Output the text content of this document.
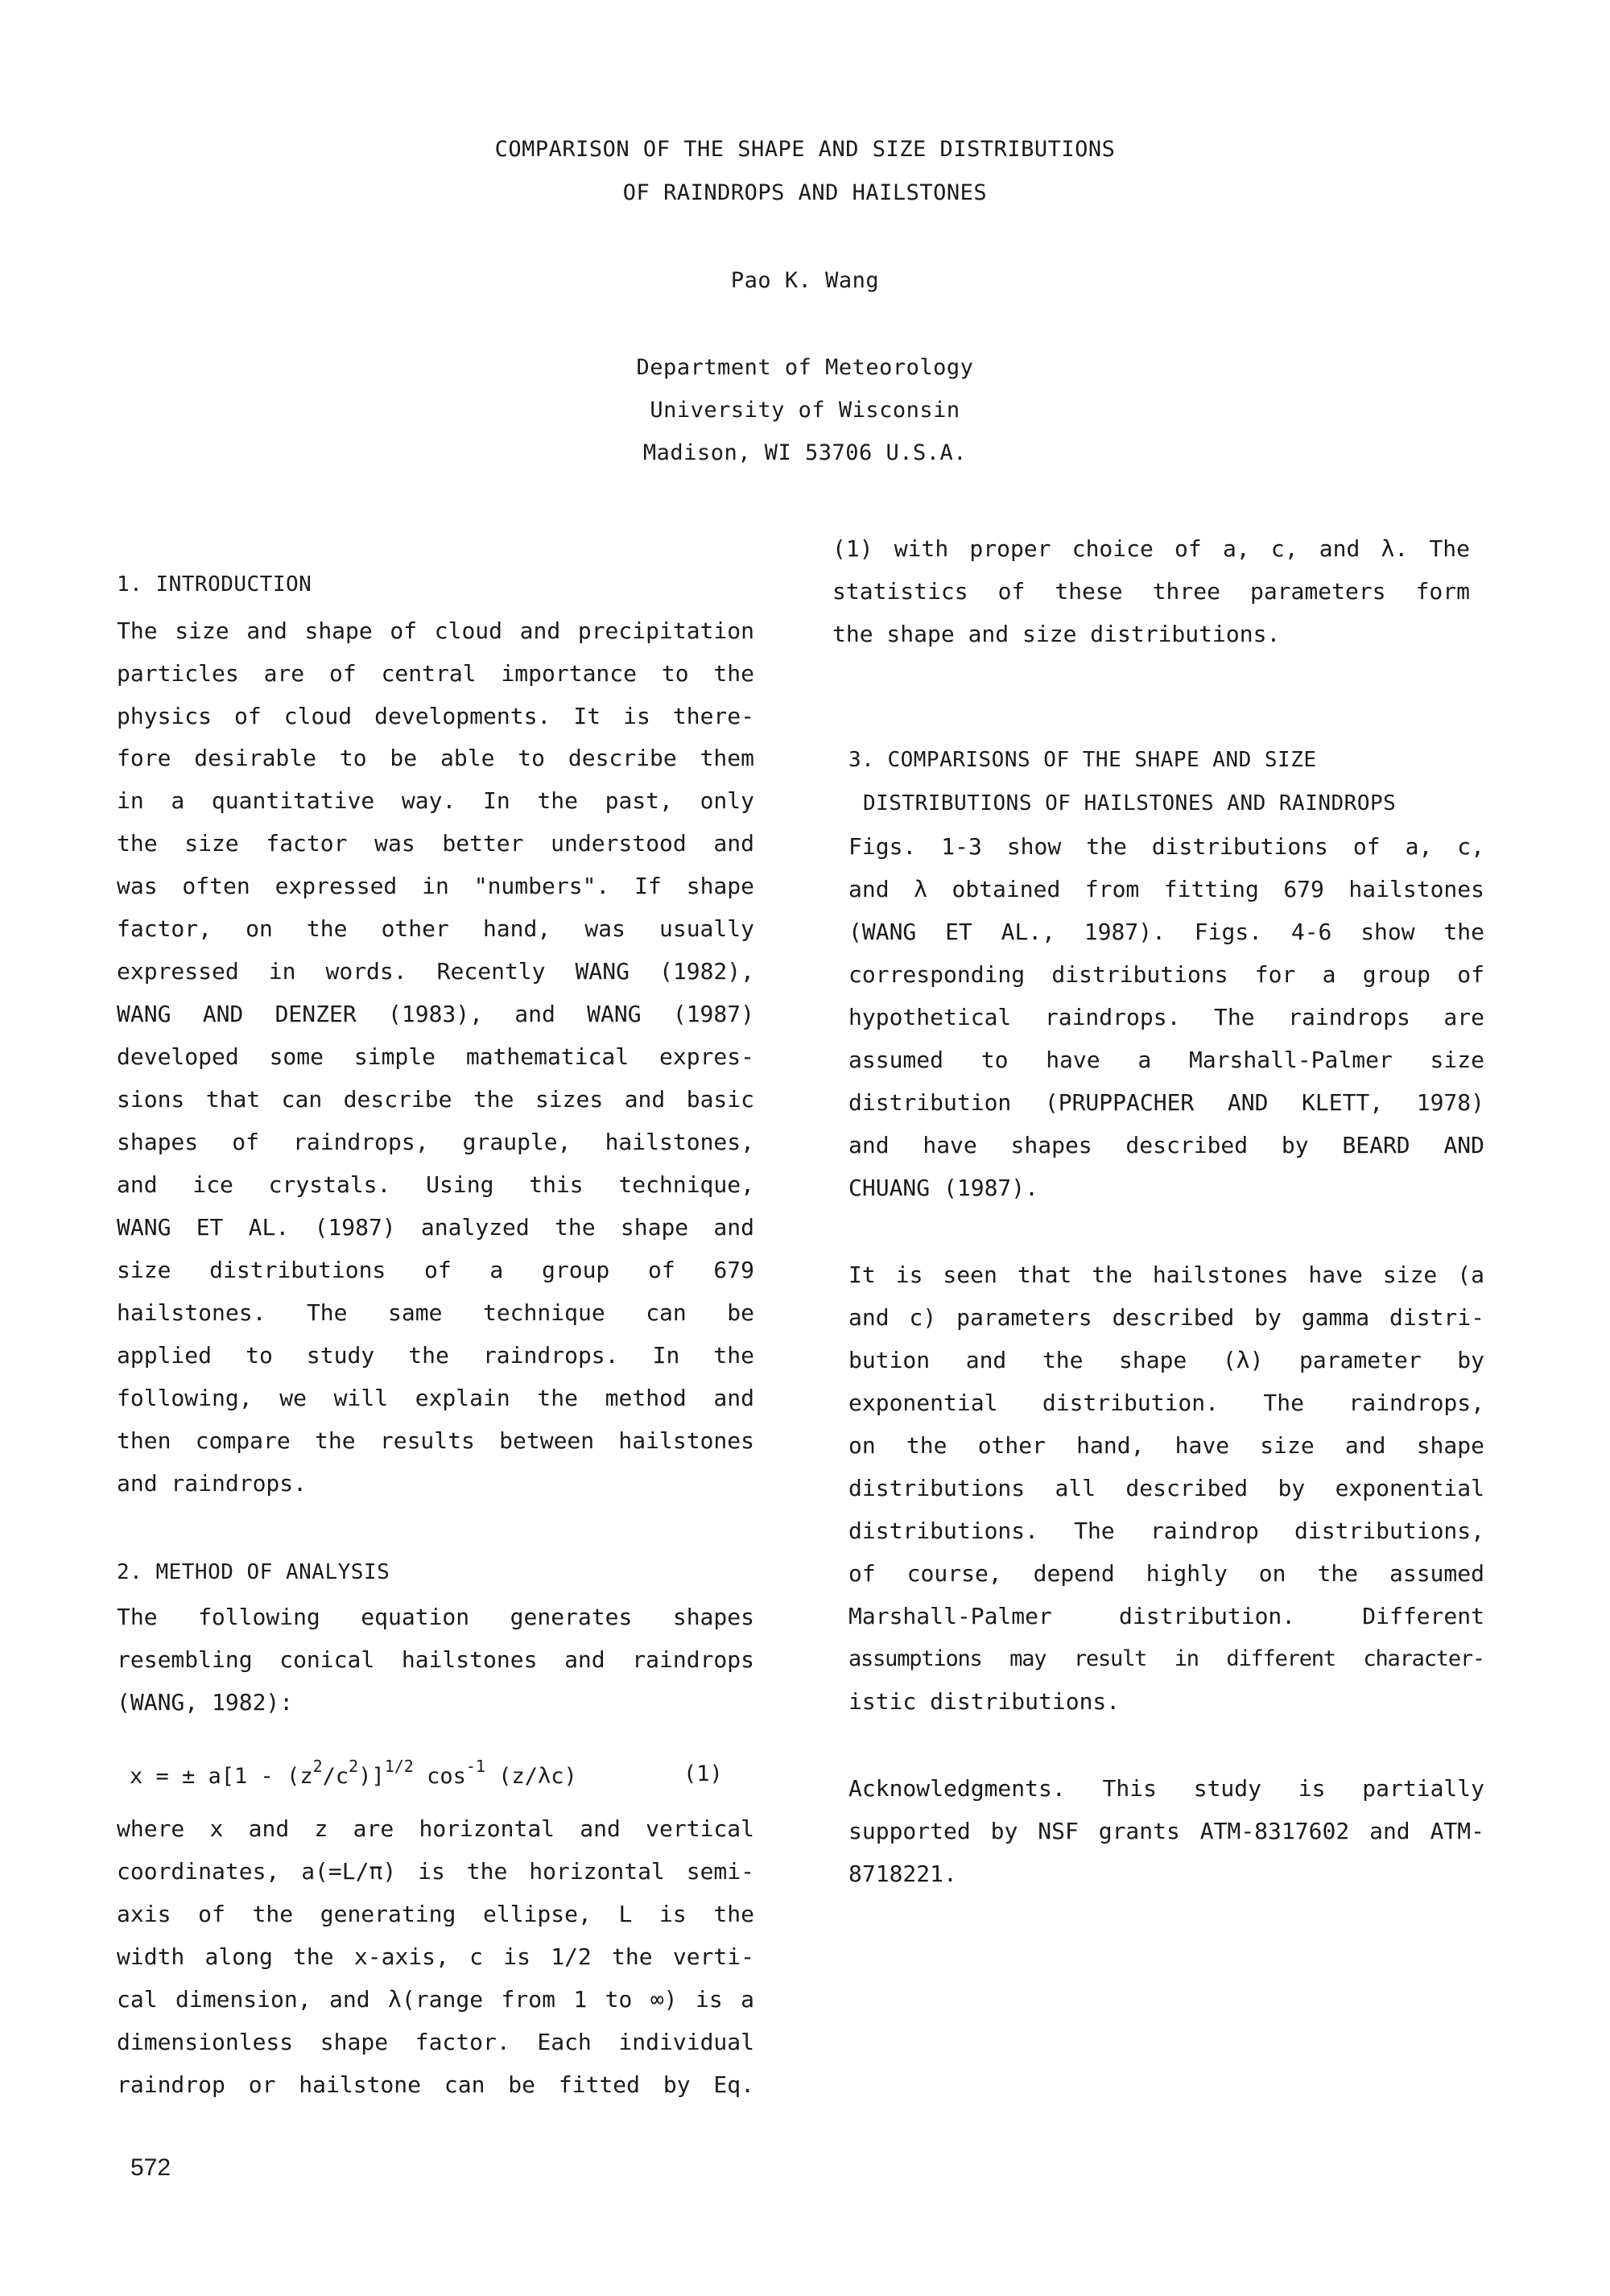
COMPARISON OF THE SHAPE AND SIZE DISTRIBUTIONS
OF RAINDROPS AND HAILSTONES
Pao K. Wang
Department of Meteorology
University of Wisconsin
Madison, WI 53706 U.S.A.
1. INTRODUCTION
The size and shape of cloud and precipitation
particles are of central importance to the
physics of cloud developments. It is there-
fore desirable to be able to describe them
in a quantitative way. In the past, only
the size factor was better understood and
was often expressed in "numbers". If shape
factor, on the other hand, was usually
expressed in words. Recently WANG (1982),
WANG AND DENZER (1983), and WANG (1987)
developed some simple mathematical expres-
sions that can describe the sizes and basic
shapes of raindrops, grauple, hailstones,
and ice crystals. Using this technique,
WANG ET AL. (1987) analyzed the shape and
size distributions of a group of 679
hailstones. The same technique can be
applied to study the raindrops. In the
following, we will explain the method and
then compare the results between hailstones
and raindrops.
2. METHOD OF ANALYSIS
The following equation generates shapes
resembling conical hailstones and raindrops
(WANG, 1982):
x = ± $a[1 - (z^2/c^2)]^{1/2}$ $\cos^{-1} (z/\lambda c)$	(1)
where x and z are horizontal and vertical
coordinates, a(=L/π) is the horizontal semi-
axis of the generating ellipse, L is the
width along the x-axis, c is 1/2 the verti-
cal dimension, and λ(range from 1 to ∞) is a
dimensionless shape factor. Each individual
raindrop or hailstone can be fitted by Eq.
(1) with proper choice of a, c, and λ. The
statistics of these three parameters form
the shape and size distributions.
3. COMPARISONS OF THE SHAPE AND SIZE
DISTRIBUTIONS OF HAILSTONES AND RAINDROPS
Figs. 1-3 show the distributions of a, c,
and λ obtained from fitting 679 hailstones
(WANG ET AL., 1987). Figs. 4-6 show the
corresponding distributions for a group of
hypothetical raindrops. The raindrops are
assumed to have a Marshall-Palmer size
distribution (PRUPPACHER AND KLETT, 1978)
and have shapes described by BEARD AND
CHUANG (1987).
It is seen that the hailstones have size (a
and c) parameters described by gamma distri-
bution and the shape (λ) parameter by
exponential distribution. The raindrops,
on the other hand, have size and shape
distributions all described by exponential
distributions. The raindrop distributions,
of course, depend highly on the assumed
Marshall-Palmer distribution. Different
assumptions may result in different character-
istic distributions.
Acknowledgments. This study is partially
supported by NSF grants ATM-8317602 and ATM-
8718221.
572
